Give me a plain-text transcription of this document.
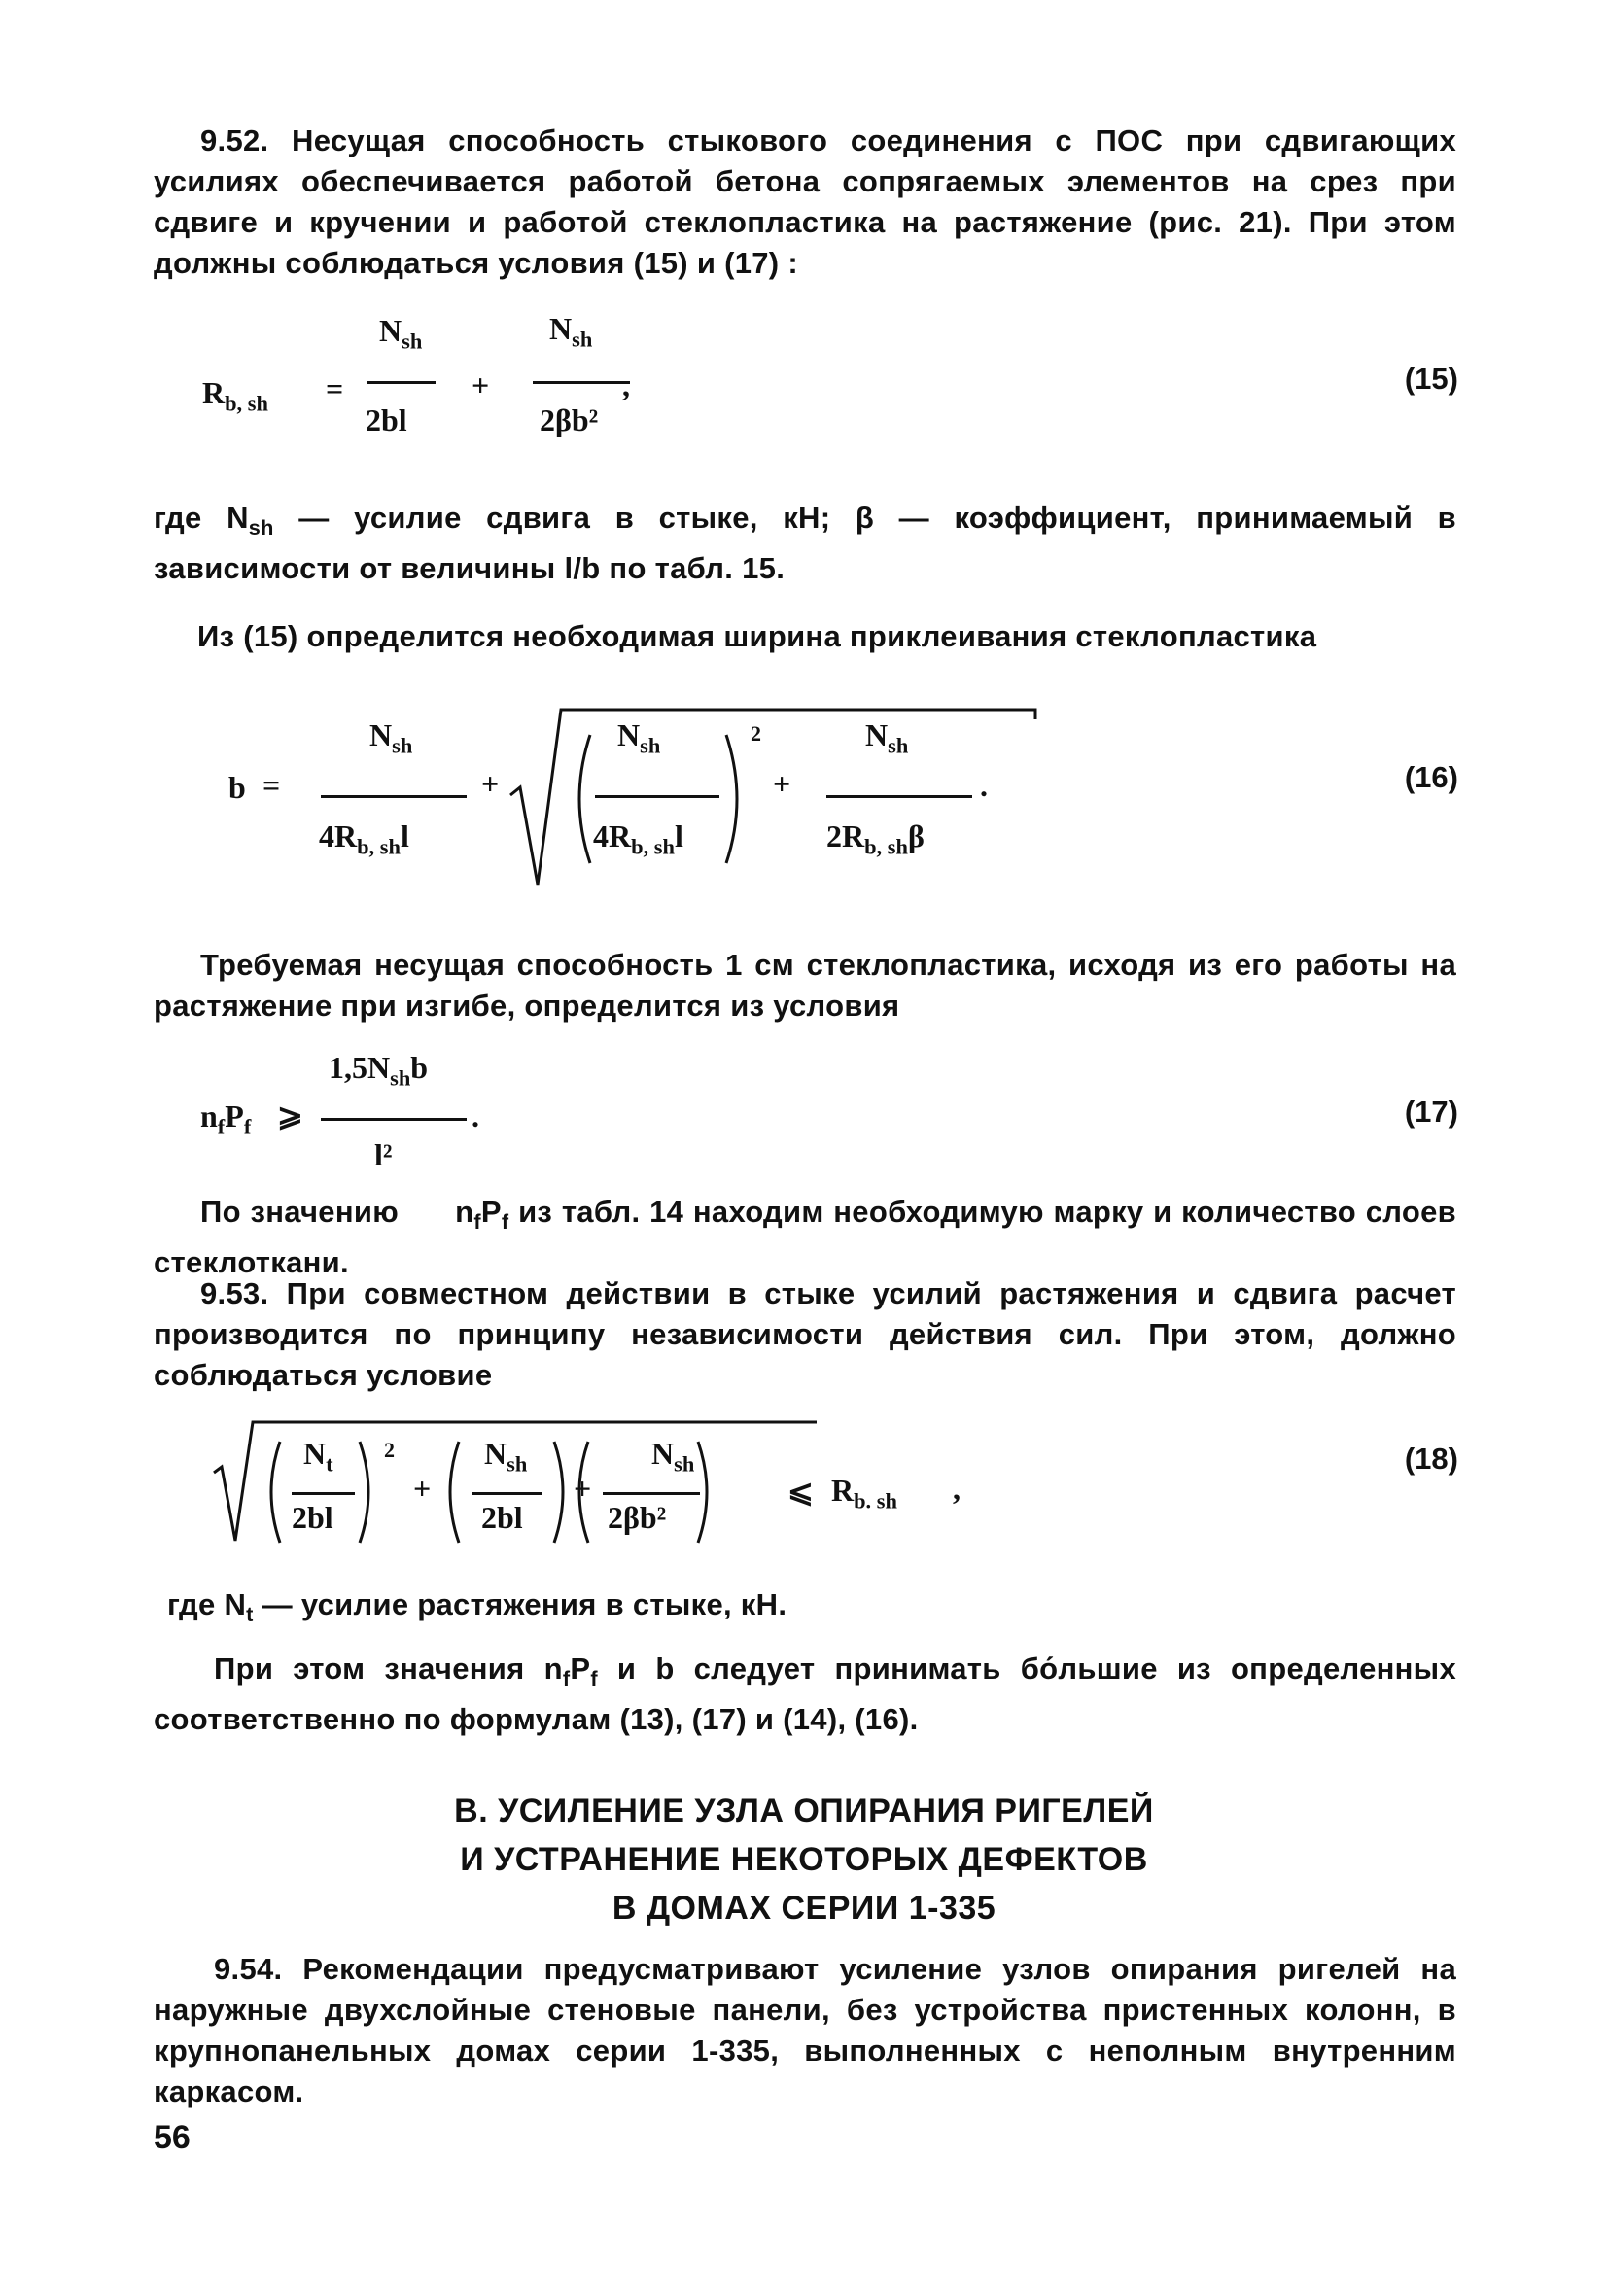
9.52. Несущая способность стыкового соединения с ПОС при сдвигающих усилиях обеспечивается работой бетона сопрягаемых элементов на срез при сдвиге и кручении и работой стеклопластика на растяжение (рис. 21). При этом должны соблюдаться условия (15) и (17) :
$R_{b, sh}$ =
$N_{sh}$
2bl
+
$N_{sh}$
2βb²
,	(15)
где $N_{sh}$ — усилие сдвига в стыке, кН; β — коэффициент, принимаемый в зависимости от величины l/b по табл. 15.
Из (15) определится необходимая ширина приклеивания стеклопластика
b =
$N_{sh}$
$4R_{b, sh}l$
+
$N_{sh}$
$4R_{b, sh}l$
2
+
$N_{sh}$
$2R_{b, sh}\beta$
.	(16)
Требуемая несущая способность 1 см стеклопластика, исходя из его работы на растяжение при изгибе, определится из условия
$n_fP_f$ ⩾
$1,5N_{sh}b$
l²
.	(17)
По значению $n_fP_f$ из табл. 14 находим необходимую марку и количество слоев стеклоткани.
9.53. При совместном действии в стыке усилий растяжения и сдвига расчет производится по принципу независимости действия сил. При этом, должно соблюдаться условие
$N_t$
2bl
2
+
$N_{sh}$
2bl
+
$N_{sh}$
2βb²
⩽ $R_{b. sh}$ ,
(18)
где $N_t$ — усилие растяжения в стыке, кН.
При этом значения $n_fP_f$ и b следует принимать бо́льшие из определенных соответственно по формулам (13), (17) и (14), (16).
В. УСИЛЕНИЕ УЗЛА ОПИРАНИЯ РИГЕЛЕЙ
И УСТРАНЕНИЕ НЕКОТОРЫХ ДЕФЕКТОВ
В ДОМАХ СЕРИИ 1-335
9.54. Рекомендации предусматривают усиление узлов опирания ригелей на наружные двухслойные стеновые панели, без устройства пристенных колонн, в крупнопанельных домах серии 1-335, выполненных с неполным внутренним каркасом.
56
